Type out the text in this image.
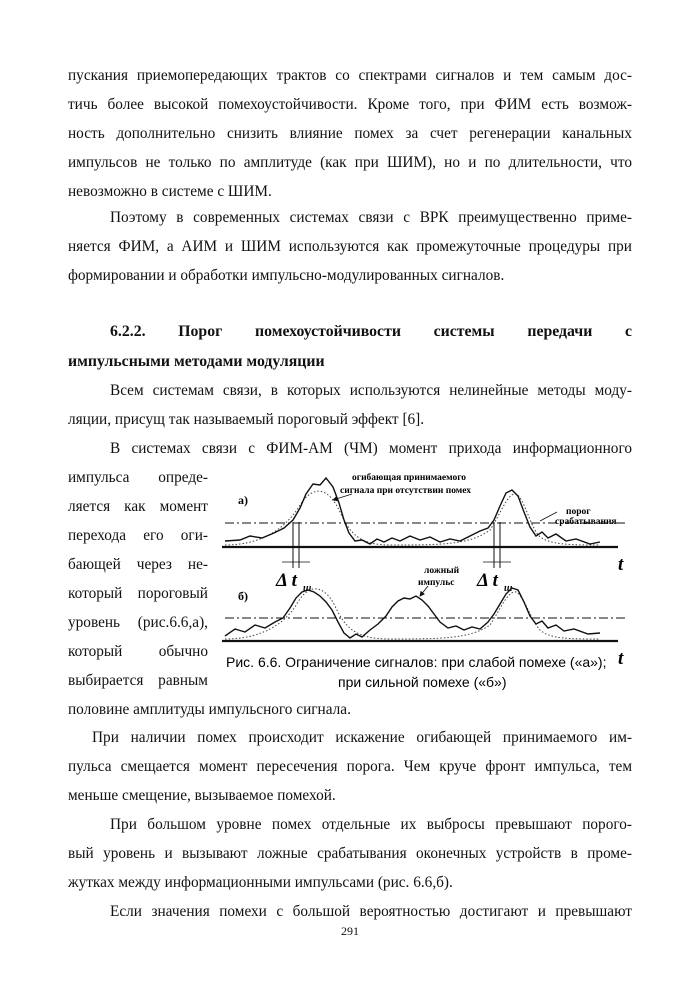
пускания приемопередающих трактов со спектрами сигналов и тем самым дос-
тичь более высокой помехоустойчивости. Кроме того, при ФИМ есть возмож-
ность дополнительно снизить влияние помех за счет регенерации канальных
импульсов не только по амплитуде (как при ШИМ), но и по длительности, что
невозможно в системе с ШИМ.
Поэтому в современных системах связи с ВРК преимущественно приме-
няется ФИМ, а АИМ и ШИМ используются как промежуточные процедуры при
формировании и обработки импульсно-модулированных сигналов.
6.2.2. Порог помехоустойчивости системы передачи с
импульсными методами модуляции
Всем системам связи, в которых используются нелинейные методы моду-
ляции, присущ так называемый пороговый эффект [6].
В системах связи с ФИМ-АМ (ЧМ) момент прихода информационного
импульса опреде-
ляется как момент
перехода его оги-
бающей через не-
который пороговый
уровень (рис.6.6,а),
который обычно
выбирается равным
половине амплитуды импульсного сигнала.
а)
огибающая принимаемого
сигнала при отсутствии помех
порог
срабатывания
Δ t ш	Δ t ш
t
б)
ложный
импульс
t
Рис. 6.6. Ограничение сигналов: при слабой помехе («а»);
при сильной помехе («б»)
При наличии помех происходит искажение огибающей принимаемого им-
пульса смещается момент пересечения порога. Чем круче фронт импульса, тем
меньше смещение, вызываемое помехой.
При большом уровне помех отдельные их выбросы превышают порого-
вый уровень и вызывают ложные срабатывания оконечных устройств в проме-
жутках между информационными импульсами (рис. 6.6,б).
Если значения помехи с большой вероятностью достигают и превышают
291
